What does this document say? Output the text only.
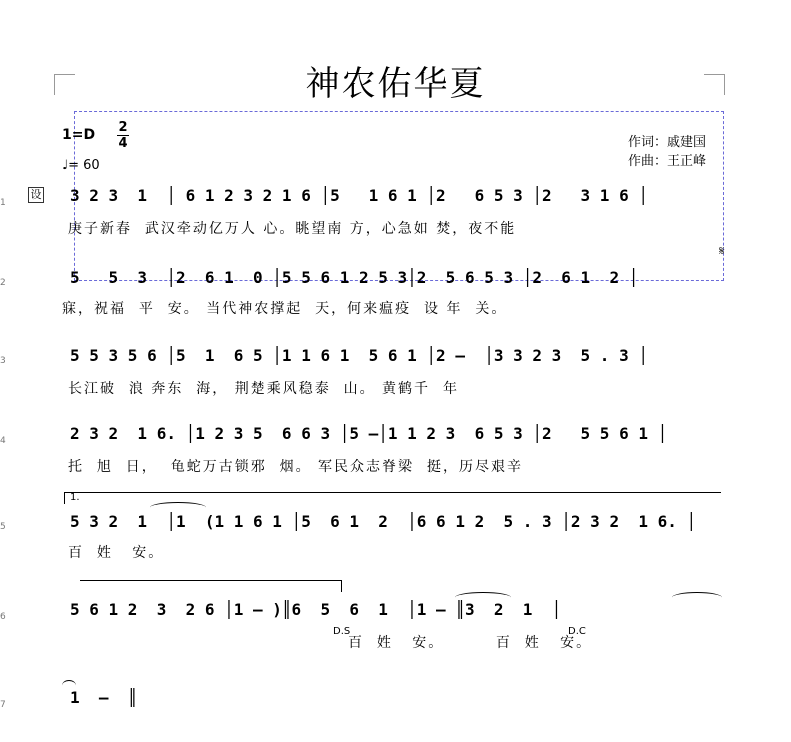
神农佑华夏
𝄋
1=D 2
4
♩= 60
作词：戚建国
作曲：王正峰
设
1	3 2 3  1  │ 6 1 2 3 2 1 6 │5   1 6 1 │2   6 5 3 │2   3 1 6 │
庚子新春  武汉牵动亿万人 心。眺望南 方，心急如 焚，夜不能
2	5   5  3  │2  6 1  0 │5 5 6 1 2 5 3│2  5 6 5 3 │2  6 1  2 │
寐，祝福  平  安。 当代神农撑起  天，何来瘟疫  设 年  关。
3	5 5 3 5 6 │5  1  6 5 │1 1 6 1  5 6 1 │2 –  │3 3 2 3  5 . 3 │
长江破  浪 奔东  海， 荆楚乘风稳泰  山。 黄鹤千  年
4	2 3 2  1 6. │1 2 3 5  6 6 3 │5 –│1 1 2 3  6 5 3 │2   5 5 6 1 │
托  旭  日，  龟蛇万古锁邪  烟。 军民众志脊梁  挺，历尽艰辛
1.
5	5 3 2  1  │1  (1 1 6 1 │5  6 1  2  │6 6 1 2  5 . 3 │2 3 2  1 6. │
百  姓   安。
6	5 6 1 2  3  2 6 │1 – )║6  5  6  1  │1 – ║3  2  1  │
D.S	D.C
百  姓   安。        百  姓   安。
7	1  –  ║
